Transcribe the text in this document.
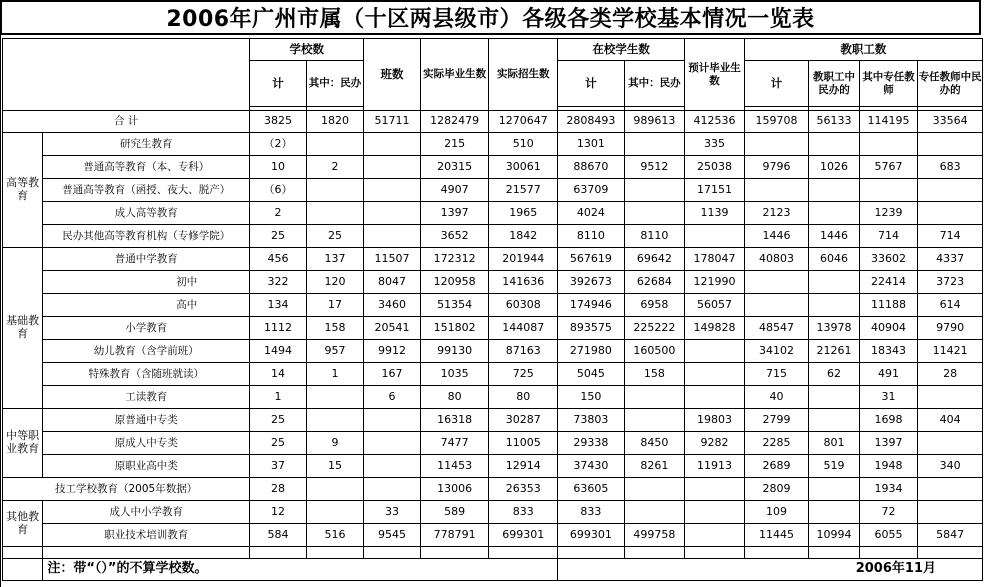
2006年广州市属（十区两县级市）各级各类学校基本情况一览表
		学校数		班数	实际毕业生数	实际招生数	在校学生数		预计毕业生数	教职工数			
		计	其中：民办				计	其中：民办		计	教职工中民办的	其中专任教师	专任教师中民办的

合 计		3825	1820	51711	1282479	1270647	2808493	989613	412536	159708	56133	114195	33564
高等教育	研究生教育	（2）			215	510	1301		335				
	普通高等教育（本、专科）	10	2		20315	30061	88670	9512	25038	9796	1026	5767	683
	普通高等教育（函授、夜大、脱产）	（6）			4907	21577	63709		17151				
	成人高等教育	2			1397	1965	4024		1139	2123		1239	
	民办其他高等教育机构（专修学院）	25	25		3652	1842	8110	8110		1446	1446	714	714
基础教育	普通中学教育	456	137	11507	172312	201944	567619	69642	178047	40803	6046	33602	4337
	初中	322	120	8047	120958	141636	392673	62684	121990			22414	3723
	高中	134	17	3460	51354	60308	174946	6958	56057			11188	614
	小学教育	1112	158	20541	151802	144087	893575	225222	149828	48547	13978	40904	9790
	幼儿教育（含学前班）	1494	957	9912	99130	87163	271980	160500		34102	21261	18343	11421
	特殊教育（含随班就读）	14	1	167	1035	725	5045	158		715	62	491	28
	工读教育	1		6	80	80	150			40		31	
中等职业教育	原普通中专类	25			16318	30287	73803		19803	2799		1698	404
	原成人中专类	25	9		7477	11005	29338	8450	9282	2285	801	1397	
	原职业高中类	37	15		11453	12914	37430	8261	11913	2689	519	1948	340
技工学校教育（2005年数据）		28			13006	26353	63605			2809		1934	
其他教育	成人中小学教育	12		33	589	833	833			109		72	
	职业技术培训教育	584	516	9545	778791	699301	699301	499758		11445	10994	6055	5847

	注：带“（）”的不算学校数。						2006年11月						
